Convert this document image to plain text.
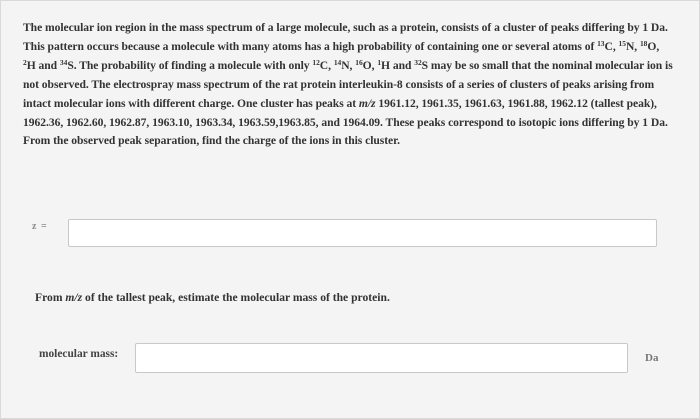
The molecular ion region in the mass spectrum of a large molecule, such as a protein, consists of a cluster of peaks differing by 1 Da. This pattern occurs because a molecule with many atoms has a high probability of containing one or several atoms of $^{13}$C, $^{15}$N, $^{18}$O, $^2$H and $^{34}$S. The probability of finding a molecule with only $^{12}$C, $^{14}$N, $^{16}$O, $^1$H and $^{32}$S may be so small that the nominal molecular ion is not observed. The electrospray mass spectrum of the rat protein interleukin-8 consists of a series of clusters of peaks arising from intact molecular ions with different charge. One cluster has peaks at m/z 1961.12, 1961.35, 1961.63, 1961.88, 1962.12 (tallest peak), 1962.36, 1962.60, 1962.87, 1963.10, 1963.34, 1963.59,1963.85, and 1964.09. These peaks correspond to isotopic ions differing by 1 Da. From the observed peak separation, find the charge of the ions in this cluster.

z =

From m/z of the tallest peak, estimate the molecular mass of the protein.

molecular mass:	Da
